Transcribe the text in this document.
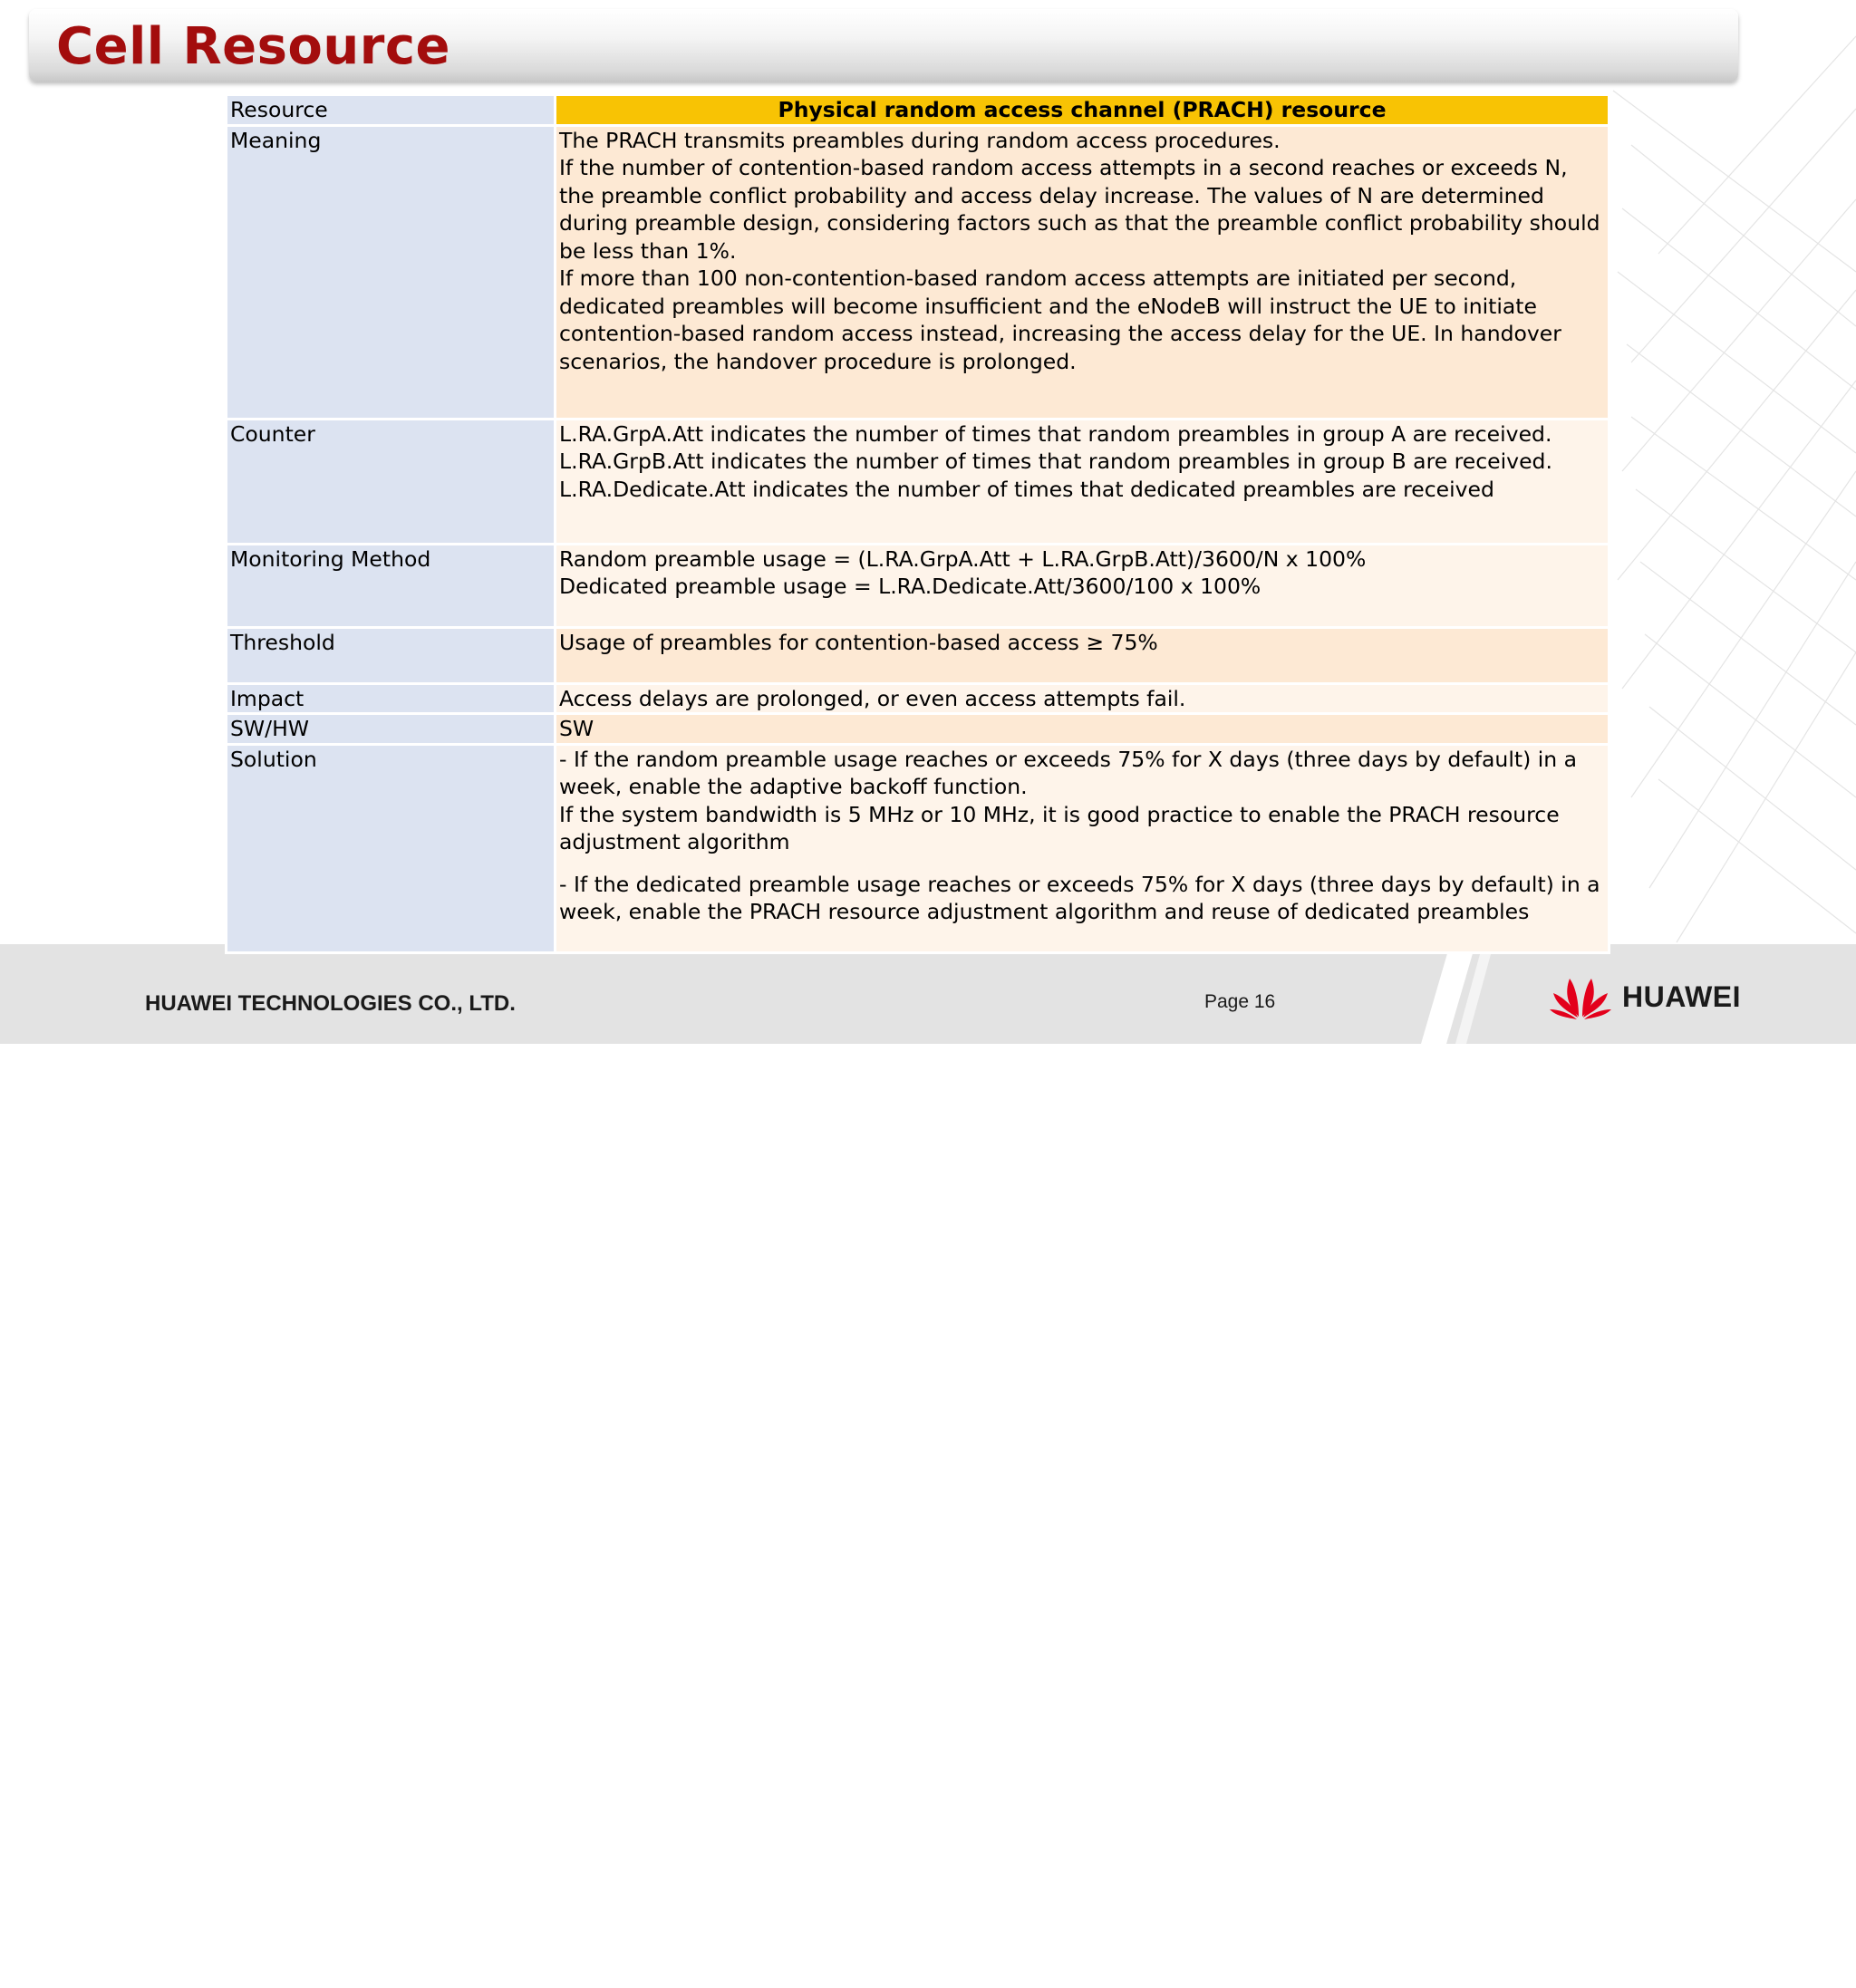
Cell Resource
Resource	Physical random access channel (PRACH) resource
Meaning	The PRACH transmits preambles during random access procedures.
If the number of contention-based random access attempts in a second reaches or exceeds N, the preamble conflict probability and access delay increase. The values of N are determined during preamble design, considering factors such as that the preamble conflict probability should be less than 1%.
If more than 100 non-contention-based random access attempts are initiated per second, dedicated preambles will become insufficient and the eNodeB will instruct the UE to initiate contention-based random access instead, increasing the access delay for the UE. In handover scenarios, the handover procedure is prolonged.

Counter	L.RA.GrpA.Att indicates the number of times that random preambles in group A are received.
L.RA.GrpB.Att indicates the number of times that random preambles in group B are received.
L.RA.Dedicate.Att indicates the number of times that dedicated preambles are received

Monitoring Method	Random preamble usage = (L.RA.GrpA.Att + L.RA.GrpB.Att)/3600/N x 100%
Dedicated preamble usage = L.RA.Dedicate.Att/3600/100 x 100%

Threshold	Usage of preambles for contention-based access ≥ 75%
Impact	Access delays are prolonged, or even access attempts fail.
SW/HW	SW
Solution	- If the random preamble usage reaches or exceeds 75% for X days (three days by default) in a week, enable the adaptive backoff function.
If the system bandwidth is 5 MHz or 10 MHz, it is good practice to enable the PRACH resource adjustment algorithm
- If the dedicated preamble usage reaches or exceeds 75% for X days (three days by default) in a week, enable the PRACH resource adjustment algorithm and reuse of dedicated preambles

HUAWEI TECHNOLOGIES CO., LTD.	Page 16	HUAWEI
